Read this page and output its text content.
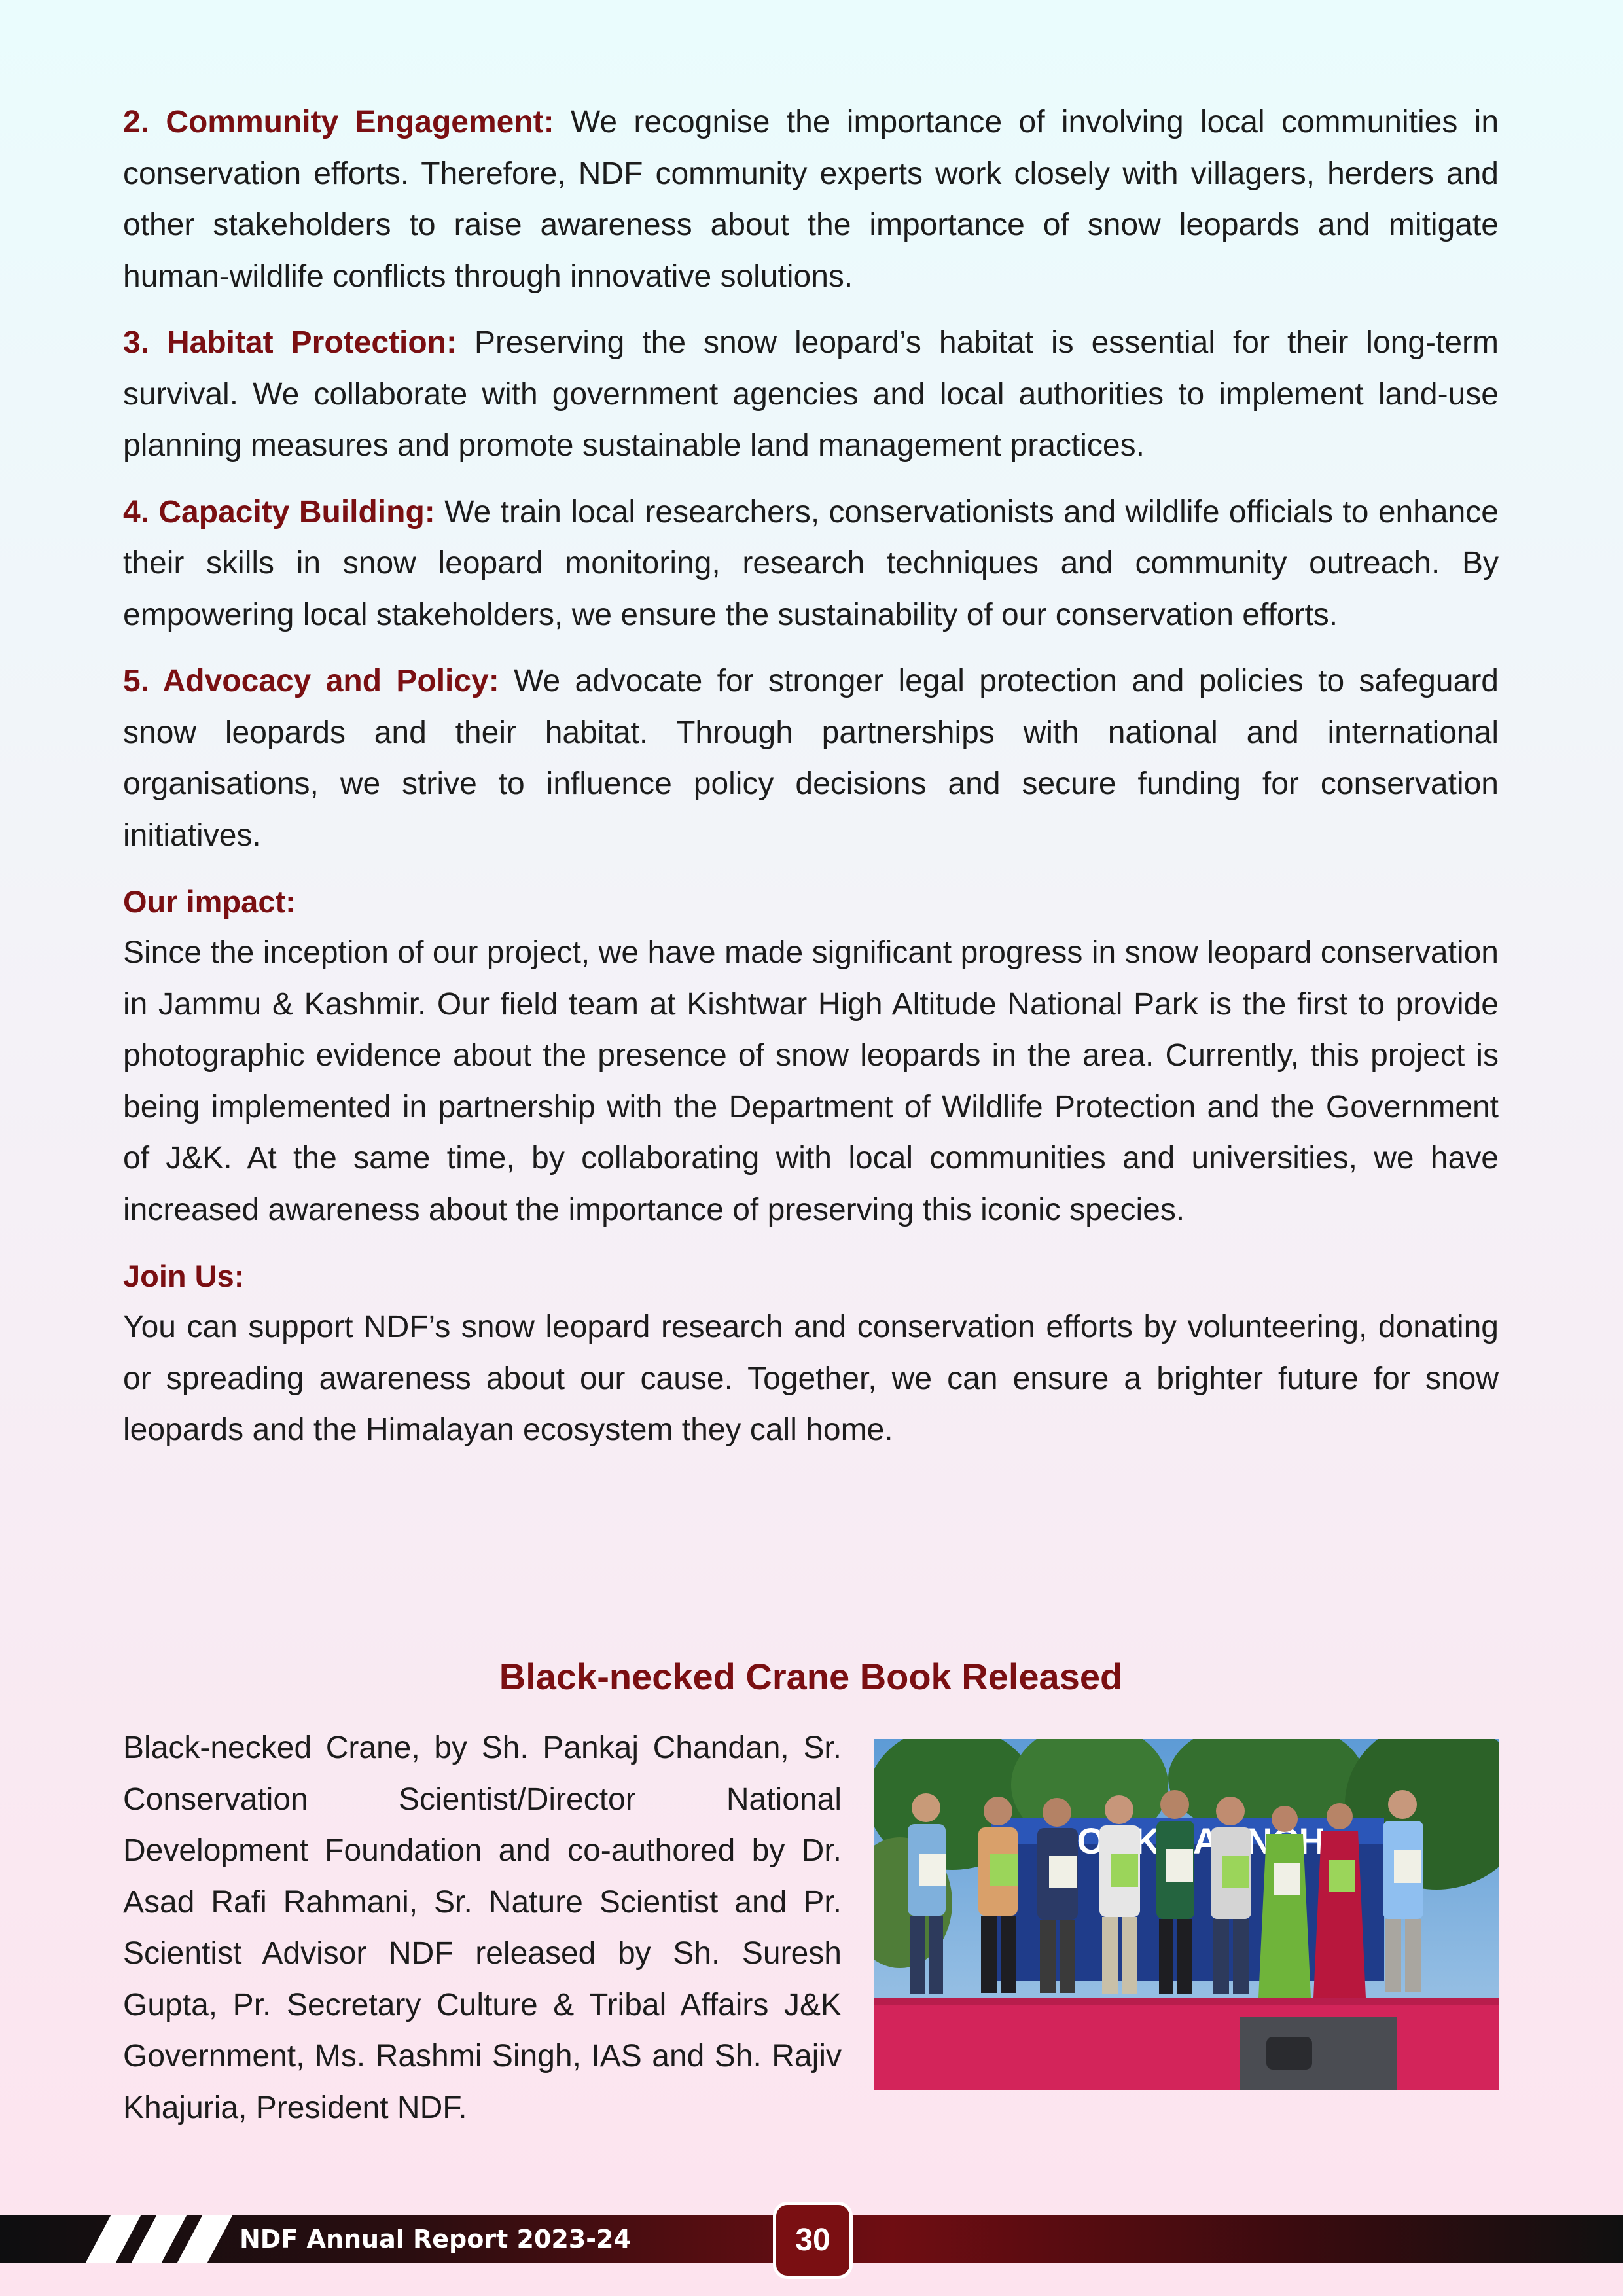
2. Community Engagement: We recognise the importance of involving local communities in conservation efforts. Therefore, NDF community experts work closely with villagers, herders and other stakeholders to raise awareness about the importance of snow leopards and mitigate human-wildlife conflicts through innovative solutions.

3. Habitat Protection: Preserving the snow leopard’s habitat is essential for their long-term survival. We collaborate with government agencies and local authorities to implement land-use planning measures and promote sustainable land management practices.

4. Capacity Building: We train local researchers, conservationists and wildlife officials to enhance their skills in snow leopard monitoring, research techniques and community outreach. By empowering local stakeholders, we ensure the sustainability of our conservation efforts.

5. Advocacy and Policy: We advocate for stronger legal protection and policies to safeguard snow leopards and their habitat. Through partnerships with national and international organisations, we strive to influence policy decisions and secure funding for conservation initiatives.

Our impact:

Since the inception of our project, we have made significant progress in snow leopard conservation in Jammu & Kashmir. Our field team at Kishtwar High Altitude National Park is the first to provide photographic evidence about the presence of snow leopards in the area. Currently, this project is being implemented in partnership with the Department of Wildlife Protection and the Government of J&K. At the same time, by collaborating with local communities and universities, we have increased awareness about the importance of preserving this iconic species.

Join Us:

You can support NDF’s snow leopard research and conservation efforts by volunteering, donating or spreading awareness about our cause. Together, we can ensure a brighter future for snow leopards and the Himalayan ecosystem they call home.

Black-necked Crane Book Released

Black-necked Crane, by Sh. Pankaj Chandan, Sr. Conservation Scientist/Director National Development Foundation and co-authored by Dr. Asad Rafi Rahmani, Sr. Nature Scientist and Pr. Scientist Advisor NDF released by Sh. Suresh Gupta, Pr. Secretary Culture & Tribal Affairs J&K Government, Ms. Rashmi Singh, IAS and Sh. Rajiv Khajuria, President NDF.

NDF Annual Report 2023-24	30
